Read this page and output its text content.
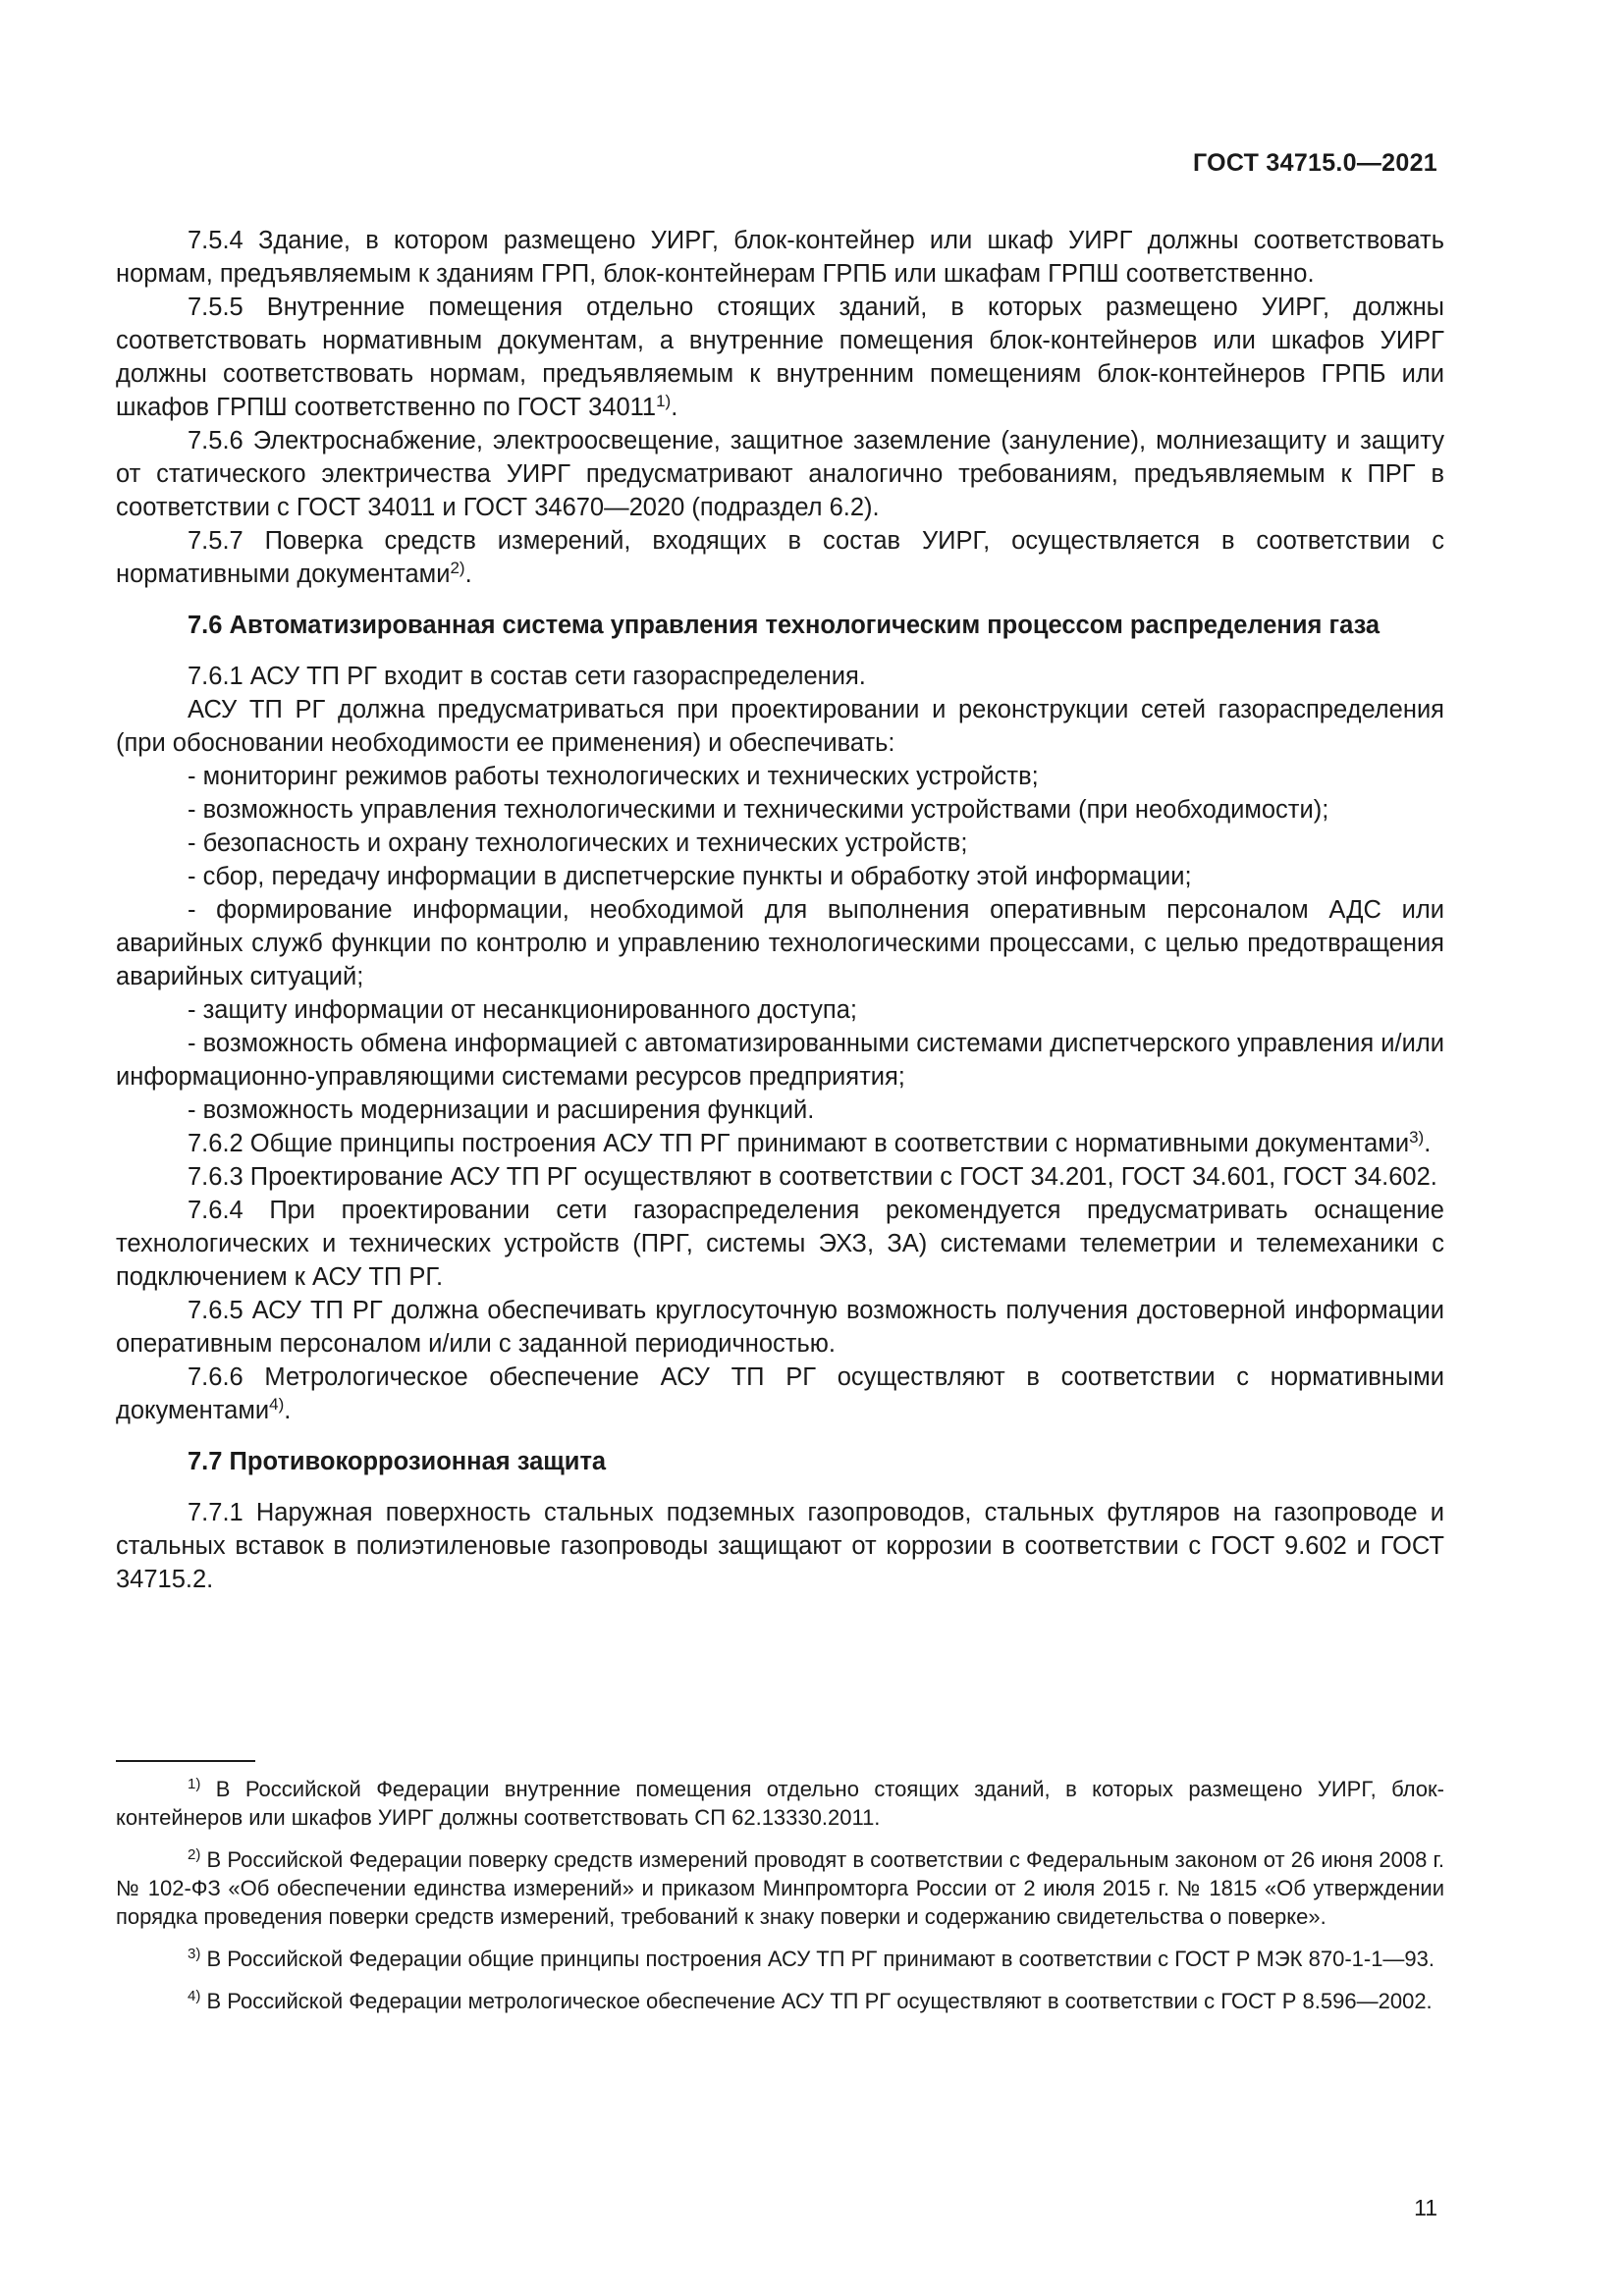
ГОСТ 34715.0—2021

7.5.4 Здание, в котором размещено УИРГ, блок-контейнер или шкаф УИРГ должны соответствовать нормам, предъявляемым к зданиям ГРП, блок-контейнерам ГРПБ или шкафам ГРПШ соответственно.

7.5.5 Внутренние помещения отдельно стоящих зданий, в которых размещено УИРГ, должны соответствовать нормативным документам, а внутренние помещения блок-контейнеров или шкафов УИРГ должны соответствовать нормам, предъявляемым к внутренним помещениям блок-контейнеров ГРПБ или шкафов ГРПШ соответственно по ГОСТ 34011$^{1)}$.

7.5.6 Электроснабжение, электроосвещение, защитное заземление (зануление), молниезащиту и защиту от статического электричества УИРГ предусматривают аналогично требованиям, предъявляемым к ПРГ в соответствии с ГОСТ 34011 и ГОСТ 34670—2020 (подраздел 6.2).

7.5.7 Поверка средств измерений, входящих в состав УИРГ, осуществляется в соответствии с нормативными документами$^{2)}$.

7.6 Автоматизированная система управления технологическим процессом распределения газа

7.6.1 АСУ ТП РГ входит в состав сети газораспределения.

АСУ ТП РГ должна предусматриваться при проектировании и реконструкции сетей газораспределения (при обосновании необходимости ее применения) и обеспечивать:

- мониторинг режимов работы технологических и технических устройств;

- возможность управления технологическими и техническими устройствами (при необходимости);

- безопасность и охрану технологических и технических устройств;

- сбор, передачу информации в диспетчерские пункты и обработку этой информации;

- формирование информации, необходимой для выполнения оперативным персоналом АДС или аварийных служб функции по контролю и управлению технологическими процессами, с целью предотвращения аварийных ситуаций;

- защиту информации от несанкционированного доступа;

- возможность обмена информацией с автоматизированными системами диспетчерского управления и/или информационно-управляющими системами ресурсов предприятия;

- возможность модернизации и расширения функций.

7.6.2 Общие принципы построения АСУ ТП РГ принимают в соответствии с нормативными документами$^{3)}$.

7.6.3 Проектирование АСУ ТП РГ осуществляют в соответствии с ГОСТ 34.201, ГОСТ 34.601, ГОСТ 34.602.

7.6.4 При проектировании сети газораспределения рекомендуется предусматривать оснащение технологических и технических устройств (ПРГ, системы ЭХЗ, ЗА) системами телеметрии и телемеханики с подключением к АСУ ТП РГ.

7.6.5 АСУ ТП РГ должна обеспечивать круглосуточную возможность получения достоверной информации оперативным персоналом и/или с заданной периодичностью.

7.6.6 Метрологическое обеспечение АСУ ТП РГ осуществляют в соответствии с нормативными документами$^{4)}$.

7.7 Противокоррозионная защита

7.7.1 Наружная поверхность стальных подземных газопроводов, стальных футляров на газопроводе и стальных вставок в полиэтиленовые газопроводы защищают от коррозии в соответствии с ГОСТ 9.602 и ГОСТ 34715.2.

$^{1)}$ В Российской Федерации внутренние помещения отдельно стоящих зданий, в которых размещено УИРГ, блок-контейнеров или шкафов УИРГ должны соответствовать СП 62.13330.2011.

$^{2)}$ В Российской Федерации поверку средств измерений проводят в соответствии с Федеральным законом от 26 июня 2008 г. № 102-ФЗ «Об обеспечении единства измерений» и приказом Минпромторга России от 2 июля 2015 г. № 1815 «Об утверждении порядка проведения поверки средств измерений, требований к знаку поверки и содержанию свидетельства о поверке».

$^{3)}$ В Российской Федерации общие принципы построения АСУ ТП РГ принимают в соответствии с ГОСТ Р МЭК 870-1-1—93.

$^{4)}$ В Российской Федерации метрологическое обеспечение АСУ ТП РГ осуществляют в соответствии с ГОСТ Р 8.596—2002.

11
